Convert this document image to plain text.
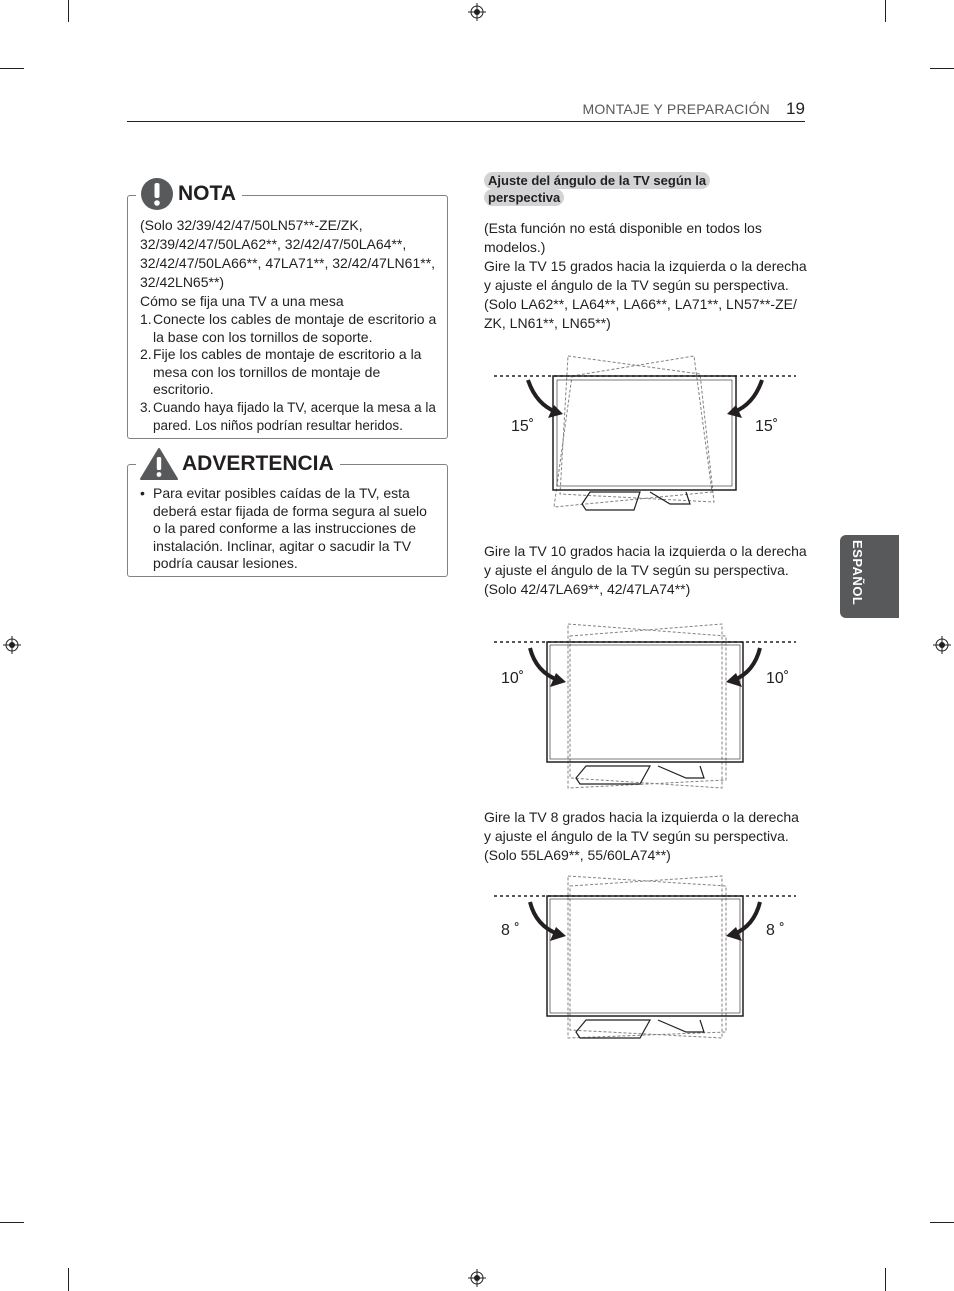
MONTAJE Y PREPARACIÓN 19
ESPAÑOL
NOTA

(Solo 32/39/42/47/50LN57**-ZE/ZK, 32/39/42/47/50LA62**, 32/42/47/50LA64**, 32/42/47/50LA66**, 47LA71**, 32/42/47LN61**, 32/42LN65**)

Cómo se fija una TV a una mesa

1. Conecte los cables de montaje de escritorio a la base con los tornillos de soporte.
2. Fije los cables de montaje de escritorio a la mesa con los tornillos de montaje de escritorio.
3. Cuando haya fijado la TV, acerque la mesa a la pared. Los niños podrían resultar heridos.
ADVERTENCIA
• Para evitar posibles caídas de la TV, esta deberá estar fijada de forma segura al suelo o la pared conforme a las instrucciones de instalación. Inclinar, agitar o sacudir la TV podría causar lesiones.
Ajuste del ángulo de la TV según la perspectiva

(Esta función no está disponible en todos los modelos.)

Gire la TV 15 grados hacia la izquierda o la derecha y ajuste el ángulo de la TV según su perspectiva.

(Solo LA62**, LA64**, LA66**, LA71**, LN57**-ZE/ ZK, LN61**, LN65**)

15˚	15˚

Gire la TV 10 grados hacia la izquierda o la derecha y ajuste el ángulo de la TV según su perspectiva.

(Solo 42/47LA69**, 42/47LA74**)

10˚	10˚

Gire la TV 8 grados hacia la izquierda o la derecha y ajuste el ángulo de la TV según su perspectiva.

(Solo 55LA69**, 55/60LA74**)

8 ˚	8 ˚
